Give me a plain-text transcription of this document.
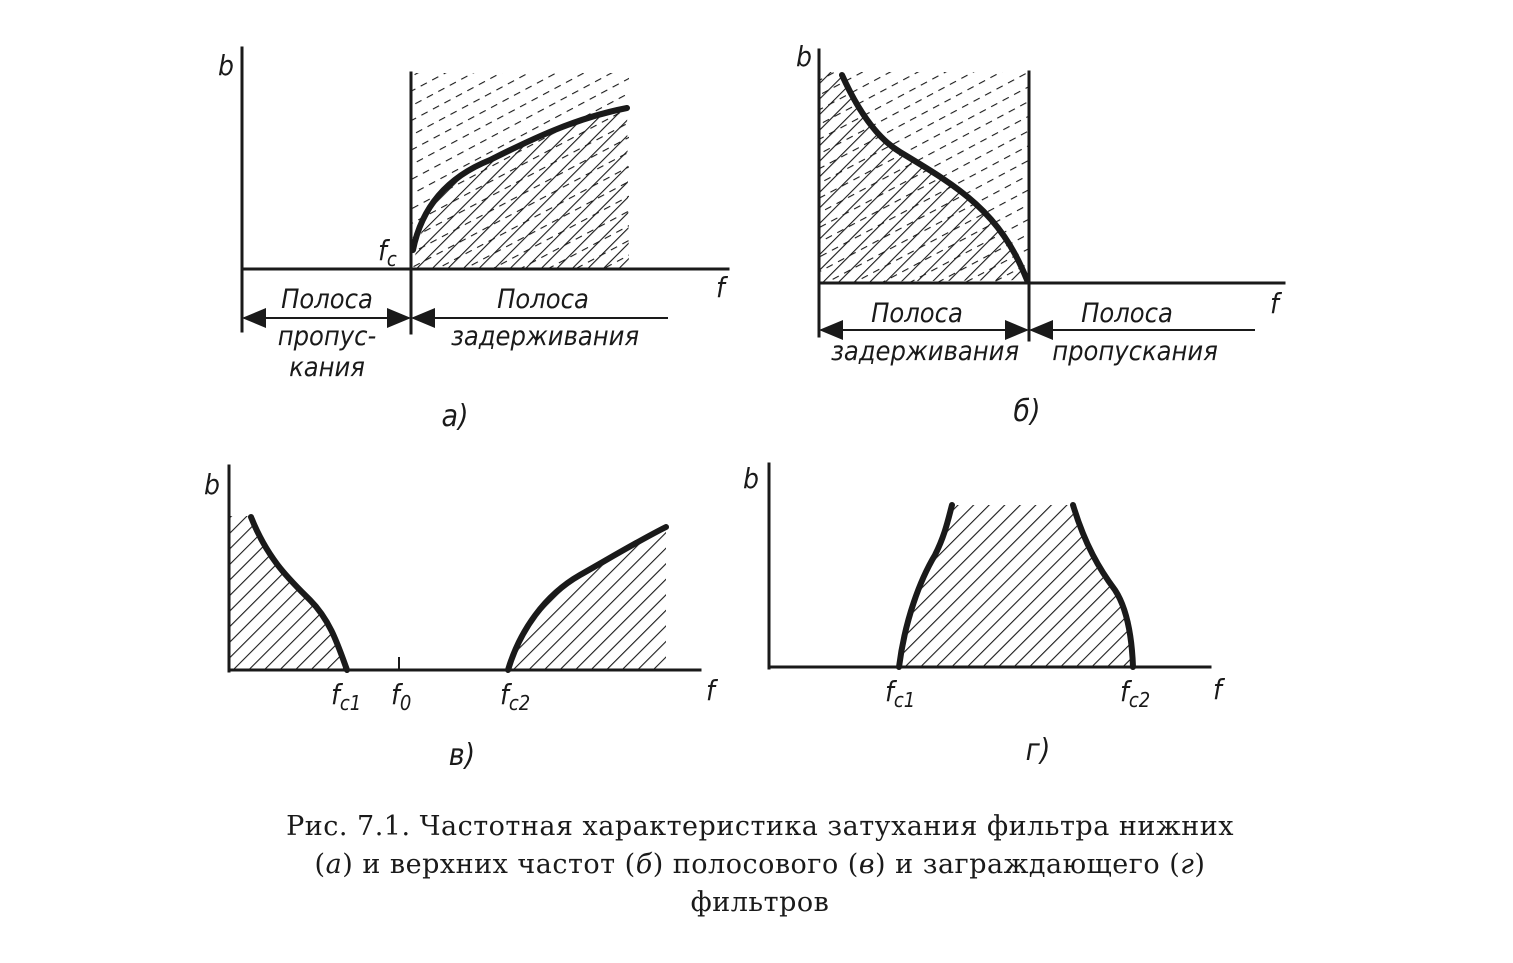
b
f
$f_c$
Полоса
пропус-
кания
Полоса
задерживания
а)
b
f
Полоса
задерживания
Полоса
пропускания
б)
b
f
$f_{c1}$ $f_0$	$f_{c2}$
в)
b
f
$f_{c1}$	$f_{c2}$
г)
Рис. 7.1. Частотная характеристика затухания фильтра нижних
(а) и верхних частот (б) полосового (в) и заграждающего (г)
фильтров
